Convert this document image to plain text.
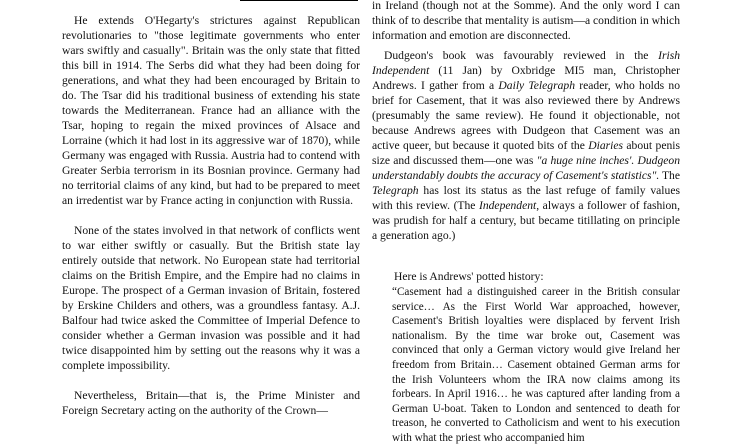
He extends O'Hegarty's strictures against Republican revolutionaries to "those legitimate governments who enter wars swiftly and casually". Britain was the only state that fitted this bill in 1914. The Serbs did what they had been doing for generations, and what they had been encouraged by Britain to do. The Tsar did his traditional business of extending his state towards the Mediterranean. France had an alliance with the Tsar, hoping to regain the mixed provinces of Alsace and Lorraine (which it had lost in its aggressive war of 1870), while Germany was engaged with Russia. Austria had to contend with Greater Serbia terrorism in its Bosnian province. Germany had no territorial claims of any kind, but had to be prepared to meet an irredentist war by France acting in conjunction with Russia.

None of the states involved in that network of conflicts went to war either swiftly or casually. But the British state lay entirely outside that network. No European state had territorial claims on the British Empire, and the Empire had no claims in Europe. The prospect of a German invasion of Britain, fostered by Erskine Childers and others, was a groundless fantasy. A.J. Balfour had twice asked the Committee of Imperial Defence to consider whether a German invasion was possible and it had twice disappointed him by setting out the reasons why it was a complete impossibility.

Nevertheless, Britain—that is, the Prime Minister and Foreign Secretary acting on the authority of the Crown—

in Ireland (though not at the Somme). And the only word I can think of to describe that mentality is autism—a condition in which information and emotion are disconnected.

Dudgeon's book was favourably reviewed in the Irish Independent (11 Jan) by Oxbridge MI5 man, Christopher Andrews. I gather from a Daily Telegraph reader, who holds no brief for Casement, that it was also reviewed there by Andrews (presumably the same review). He found it objectionable, not because Andrews agrees with Dudgeon that Casement was an active queer, but because it quoted bits of the Diaries about penis size and discussed them—one was "a huge nine inches'. Dudgeon understandably doubts the accuracy of Casement's statistics". The Telegraph has lost its status as the last refuge of family values with this review. (The Independent, always a follower of fashion, was prudish for half a century, but became titillating on principle a generation ago.)

Here is Andrews' potted history:

“Casement had a distinguished career in the British consular service… As the First World War approached, however, Casement's British loyalties were displaced by fervent Irish nationalism. By the time war broke out, Casement was convinced that only a German victory would give Ireland her freedom from Britain… Casement obtained German arms for the Irish Volunteers whom the IRA now claims among its forbears. In April 1916… he was captured after landing from a German U-boat. Taken to London and sentenced to death for treason, he converted to Catholicism and went to his execution with what the priest who accompanied him
